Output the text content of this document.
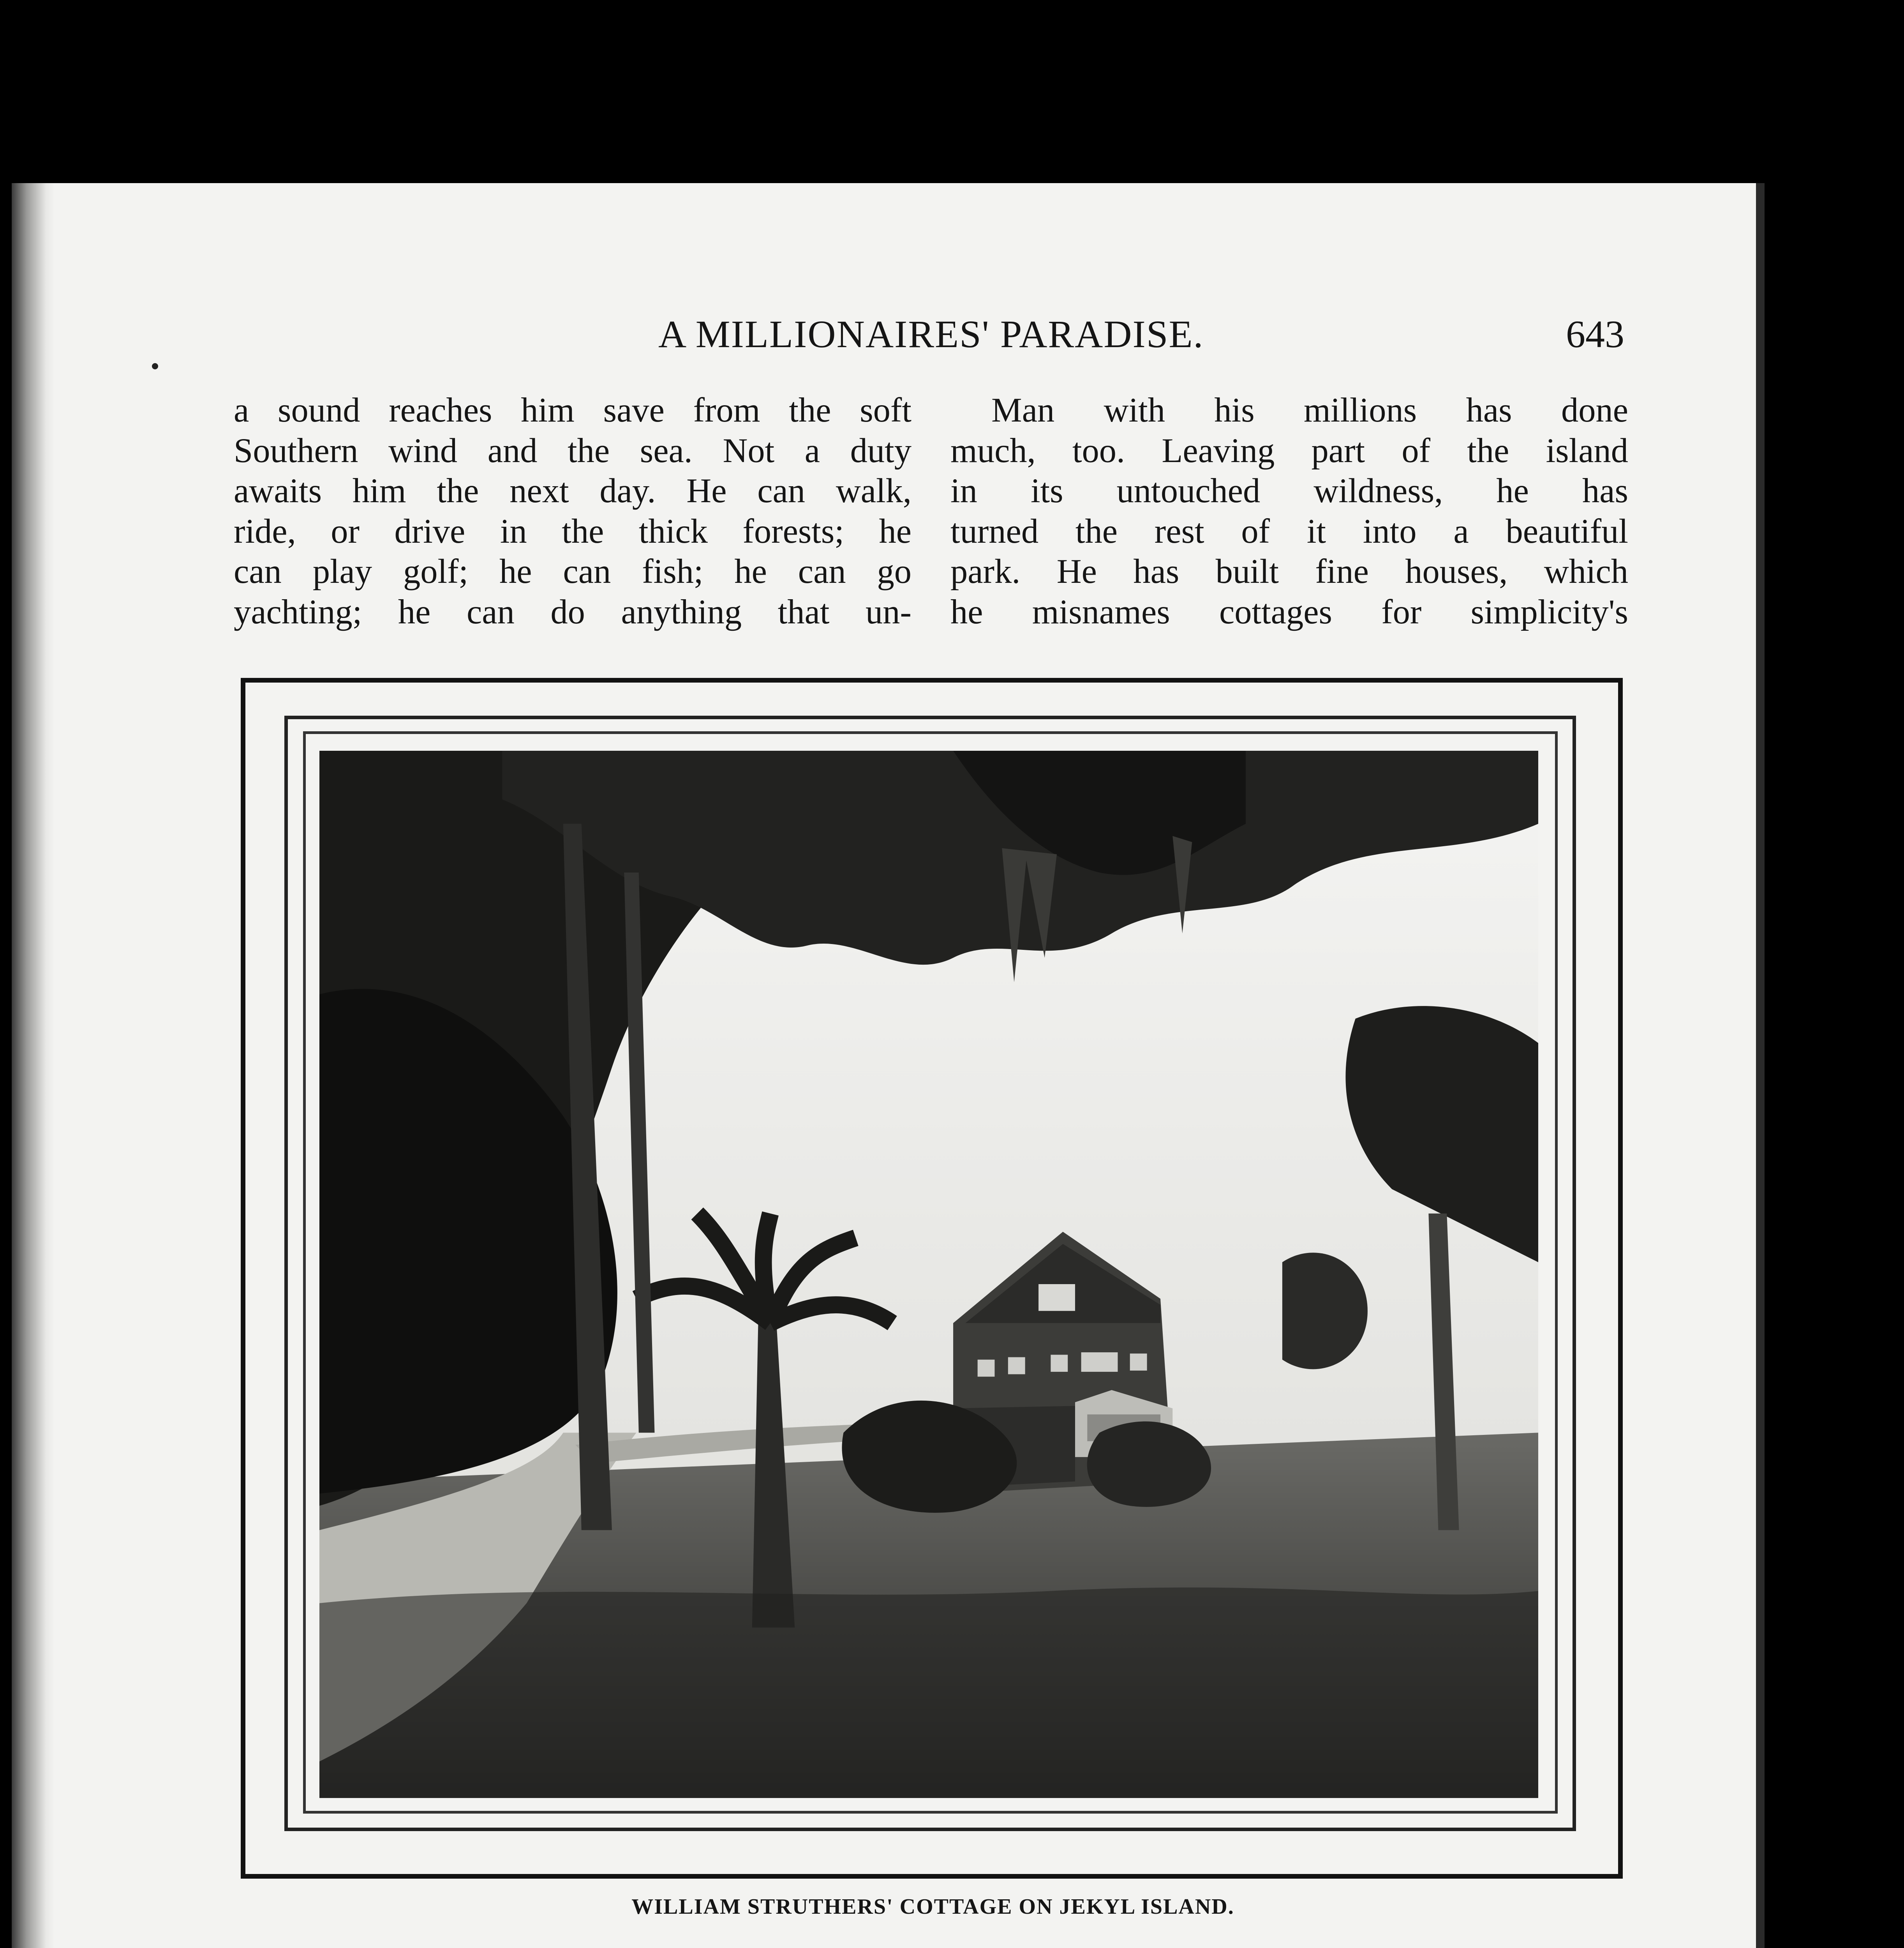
A MILLIONAIRES' PARADISE.	643
a sound reaches him save from the soft
Southern wind and the sea. Not a duty
awaits him the next day. He can walk,
ride, or drive in the thick forests; he
can play golf; he can fish; he can go
yachting; he can do anything that un-
Man with his millions has done
much, too. Leaving part of the island
in its untouched wildness, he has
turned the rest of it into a beautiful
park. He has built fine houses, which
he misnames cottages for simplicity's
WILLIAM STRUTHERS' COTTAGE ON JEKYL ISLAND.
